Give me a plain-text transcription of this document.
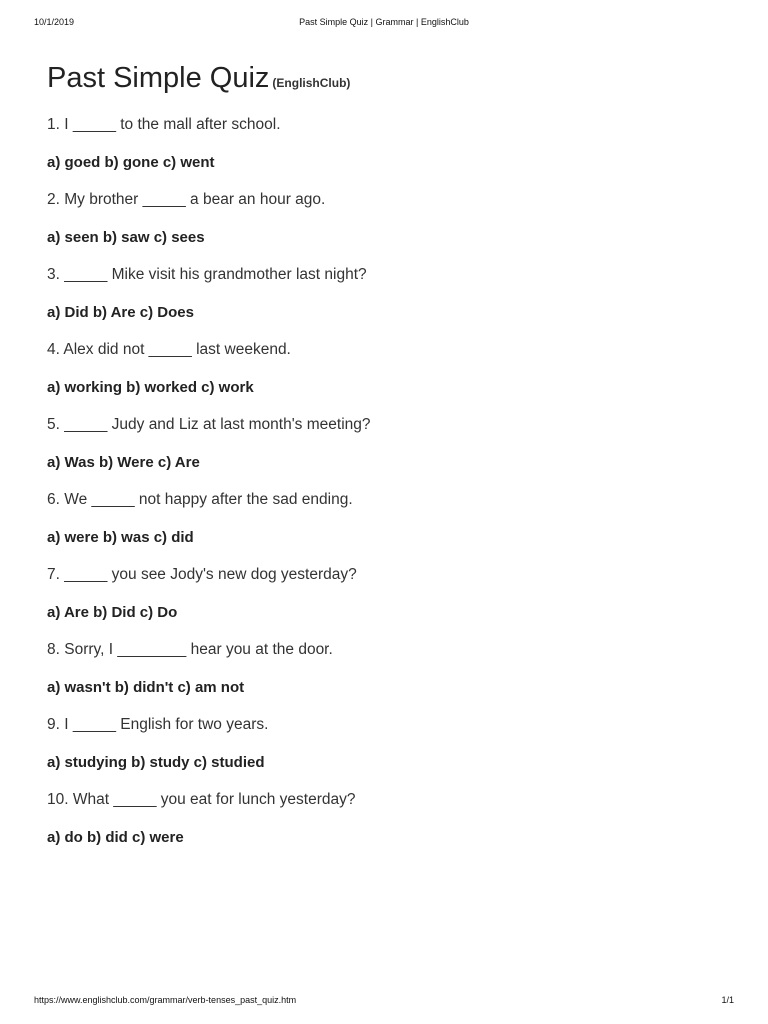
10/1/2019	Past Simple Quiz | Grammar | EnglishClub
Past Simple Quiz (EnglishClub)
1. I _____ to the mall after school.
a) goed b) gone c) went
2. My brother _____ a bear an hour ago.
a) seen b) saw c) sees
3. _____ Mike visit his grandmother last night?
a) Did b) Are c) Does
4. Alex did not _____ last weekend.
a) working b) worked c) work
5. _____ Judy and Liz at last month's meeting?
a) Was b) Were c) Are
6. We _____ not happy after the sad ending.
a) were b) was c) did
7. _____ you see Jody's new dog yesterday?
a) Are b) Did c) Do
8. Sorry, I ________ hear you at the door.
a) wasn't b) didn't c) am not
9. I _____ English for two years.
a) studying b) study c) studied
10. What _____ you eat for lunch yesterday?
a) do b) did c) were
https://www.englishclub.com/grammar/verb-tenses_past_quiz.htm	1/1
